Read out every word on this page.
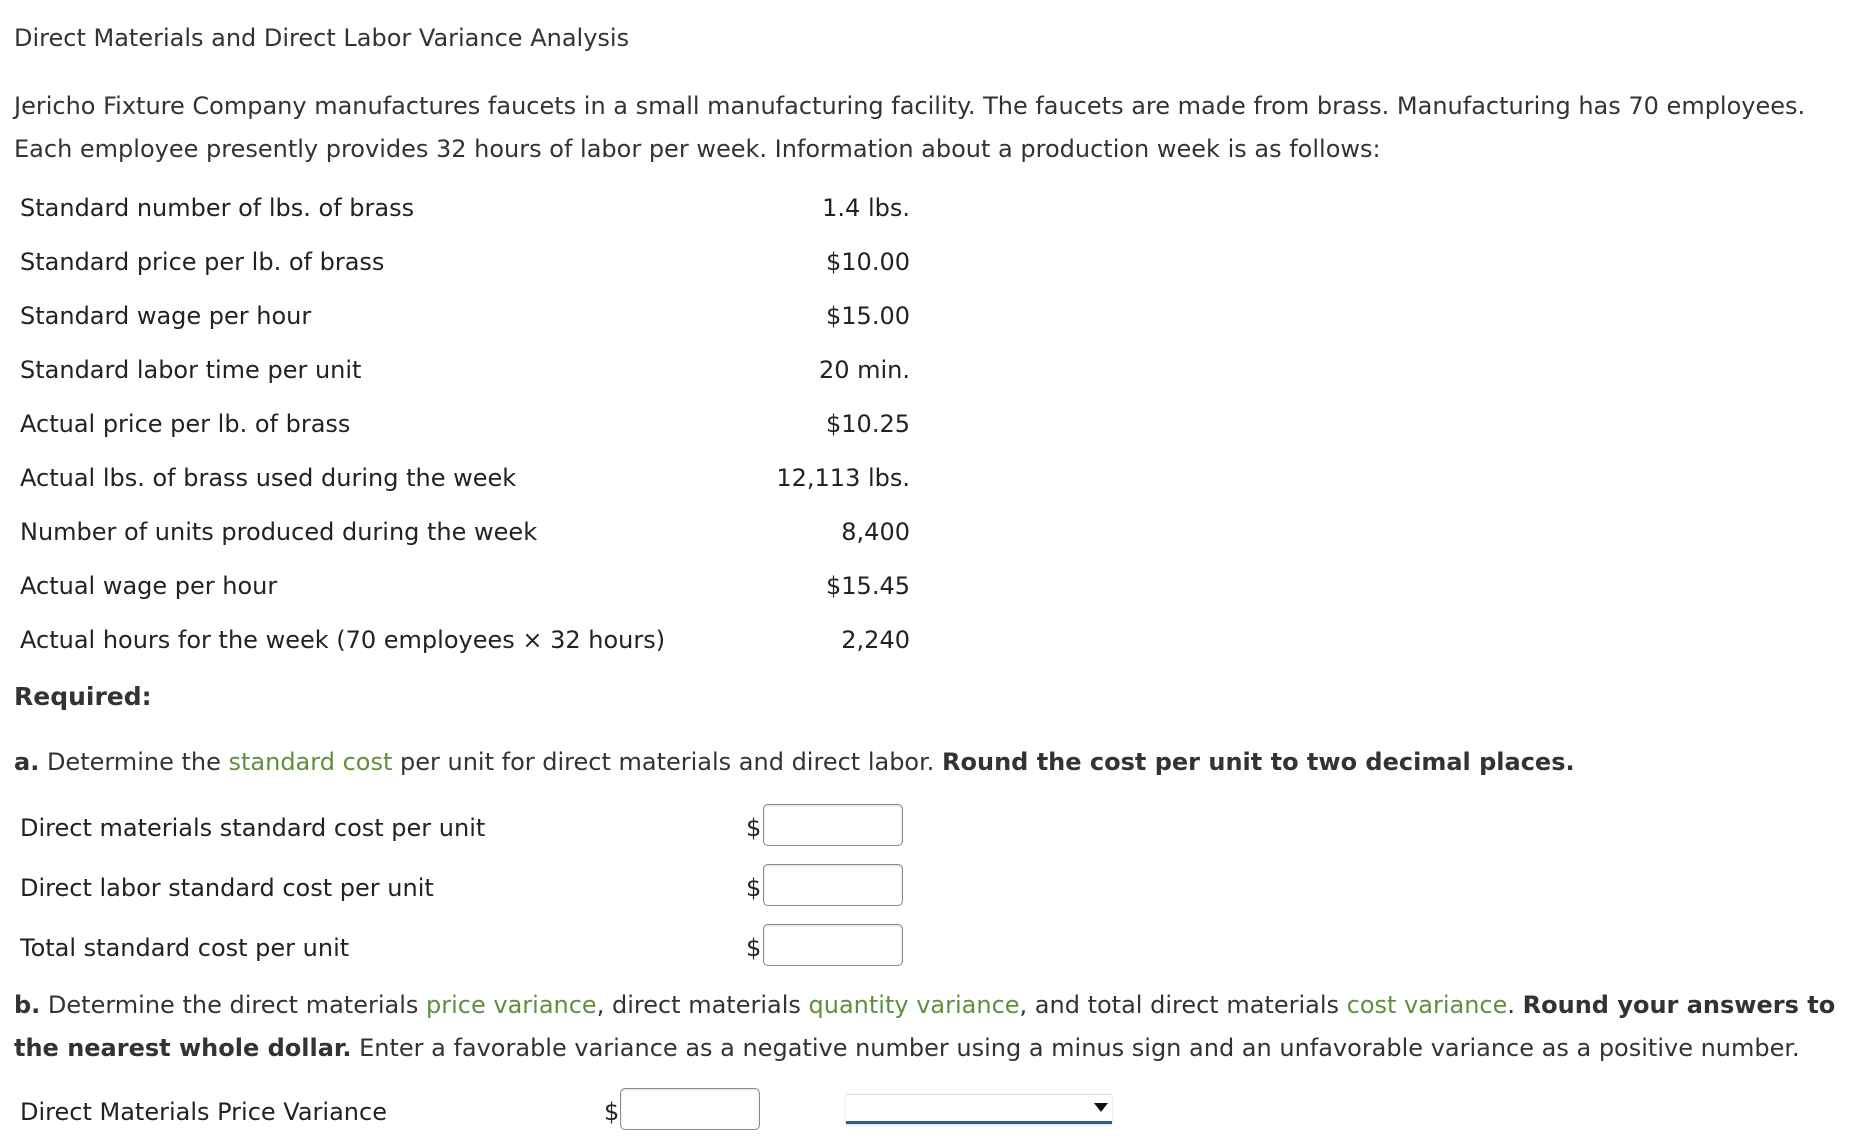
Direct Materials and Direct Labor Variance Analysis
Jericho Fixture Company manufactures faucets in a small manufacturing facility. The faucets are made from brass. Manufacturing has 70 employees. Each employee presently provides 32 hours of labor per week. Information about a production week is as follows:
Standard number of lbs. of brass	1.4 lbs.
Standard price per lb. of brass	$10.00
Standard wage per hour	$15.00
Standard labor time per unit	20 min.
Actual price per lb. of brass	$10.25
Actual lbs. of brass used during the week	12,113 lbs.
Number of units produced during the week	8,400
Actual wage per hour	$15.45
Actual hours for the week (70 employees × 32 hours)	2,240
Required:
a. Determine the standard cost per unit for direct materials and direct labor. Round the cost per unit to two decimal places.
Direct materials standard cost per unit	$
Direct labor standard cost per unit	$
Total standard cost per unit	$
b. Determine the direct materials price variance, direct materials quantity variance, and total direct materials cost variance. Round your answers to the nearest whole dollar. Enter a favorable variance as a negative number using a minus sign and an unfavorable variance as a positive number.
Direct Materials Price Variance	$
